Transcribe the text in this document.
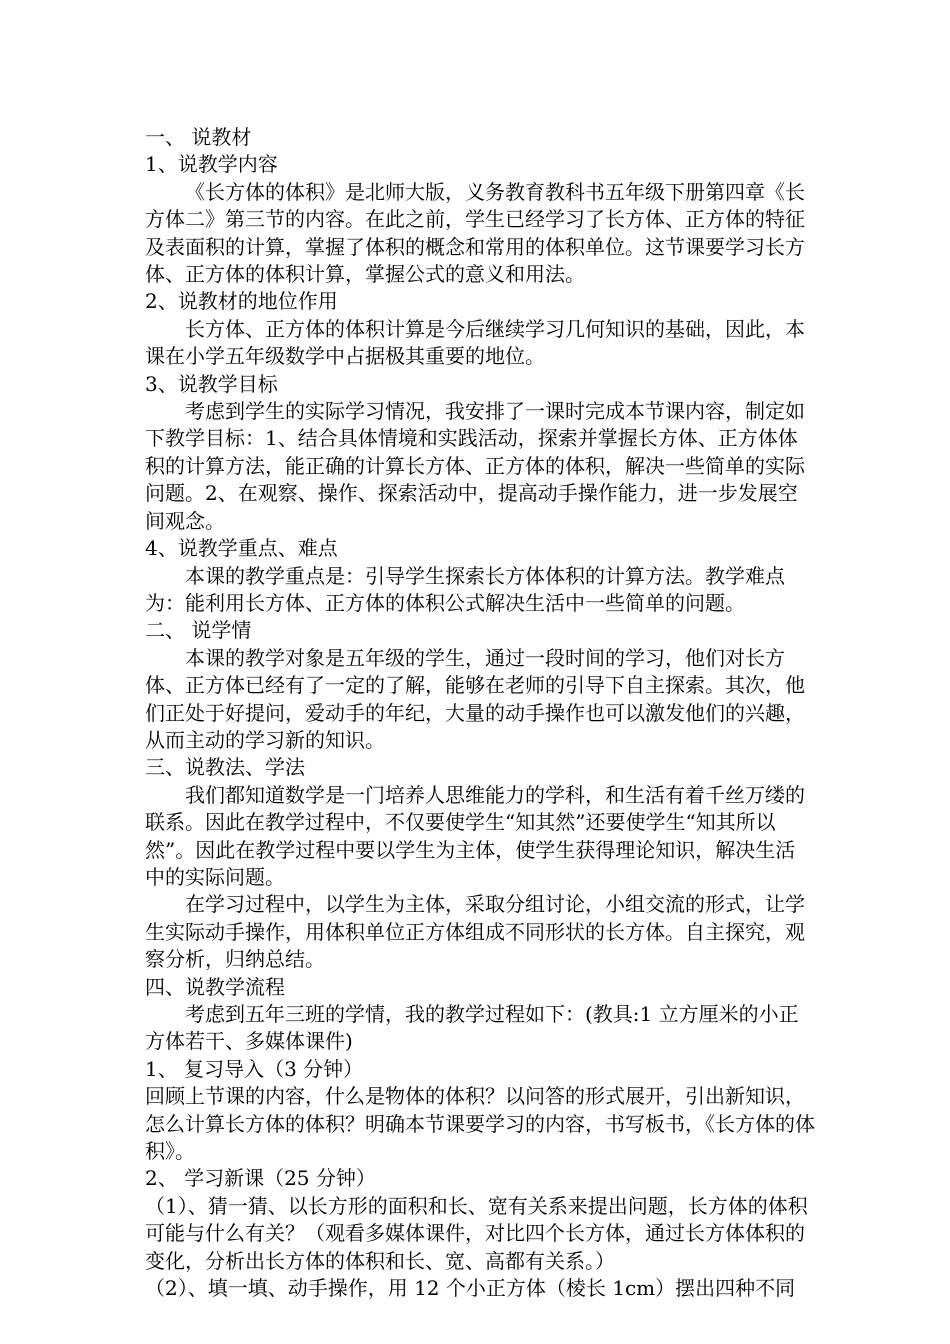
一、 说教材

1、说教学内容

《长方体的体积》是北师大版，义务教育教科书五年级下册第四章《长方体二》第三节的内容。在此之前，学生已经学习了长方体、正方体的特征及表面积的计算，掌握了体积的概念和常用的体积单位。这节课要学习长方体、正方体的体积计算，掌握公式的意义和用法。

2、说教材的地位作用

长方体、正方体的体积计算是今后继续学习几何知识的基础，因此，本课在小学五年级数学中占据极其重要的地位。

3、说教学目标

考虑到学生的实际学习情况，我安排了一课时完成本节课内容，制定如下教学目标：1、结合具体情境和实践活动，探索并掌握长方体、正方体体积的计算方法，能正确的计算长方体、正方体的体积，解决一些简单的实际问题。2、在观察、操作、探索活动中，提高动手操作能力，进一步发展空间观念。

4、说教学重点、难点

本课的教学重点是：引导学生探索长方体体积的计算方法。教学难点为：能利用长方体、正方体的体积公式解决生活中一些简单的问题。

二、 说学情

本课的教学对象是五年级的学生，通过一段时间的学习，他们对长方体、正方体已经有了一定的了解，能够在老师的引导下自主探索。其次，他们正处于好提问，爱动手的年纪，大量的动手操作也可以激发他们的兴趣，从而主动的学习新的知识。

三、说教法、学法

我们都知道数学是一门培养人思维能力的学科，和生活有着千丝万缕的联系。因此在教学过程中，不仅要使学生“知其然”还要使学生“知其所以然”。因此在教学过程中要以学生为主体，使学生获得理论知识，解决生活中的实际问题。

在学习过程中，以学生为主体，采取分组讨论，小组交流的形式，让学生实际动手操作，用体积单位正方体组成不同形状的长方体。自主探究，观察分析，归纳总结。

四、说教学流程

考虑到五年三班的学情，我的教学过程如下：(教具:1 立方厘米的小正方体若干、多媒体课件)

1、 复习导入（3 分钟）

回顾上节课的内容，什么是物体的体积？以问答的形式展开，引出新知识，怎么计算长方体的体积？明确本节课要学习的内容，书写板书，《长方体的体积》。

2、 学习新课（25 分钟）

（1）、猜一猜、以长方形的面积和长、宽有关系来提出问题，长方体的体积可能与什么有关？（观看多媒体课件，对比四个长方体，通过长方体体积的变化，分析出长方体的体积和长、宽、高都有关系。）

（2）、填一填、动手操作，用 12 个小正方体（棱长 1cm）摆出四种不同
